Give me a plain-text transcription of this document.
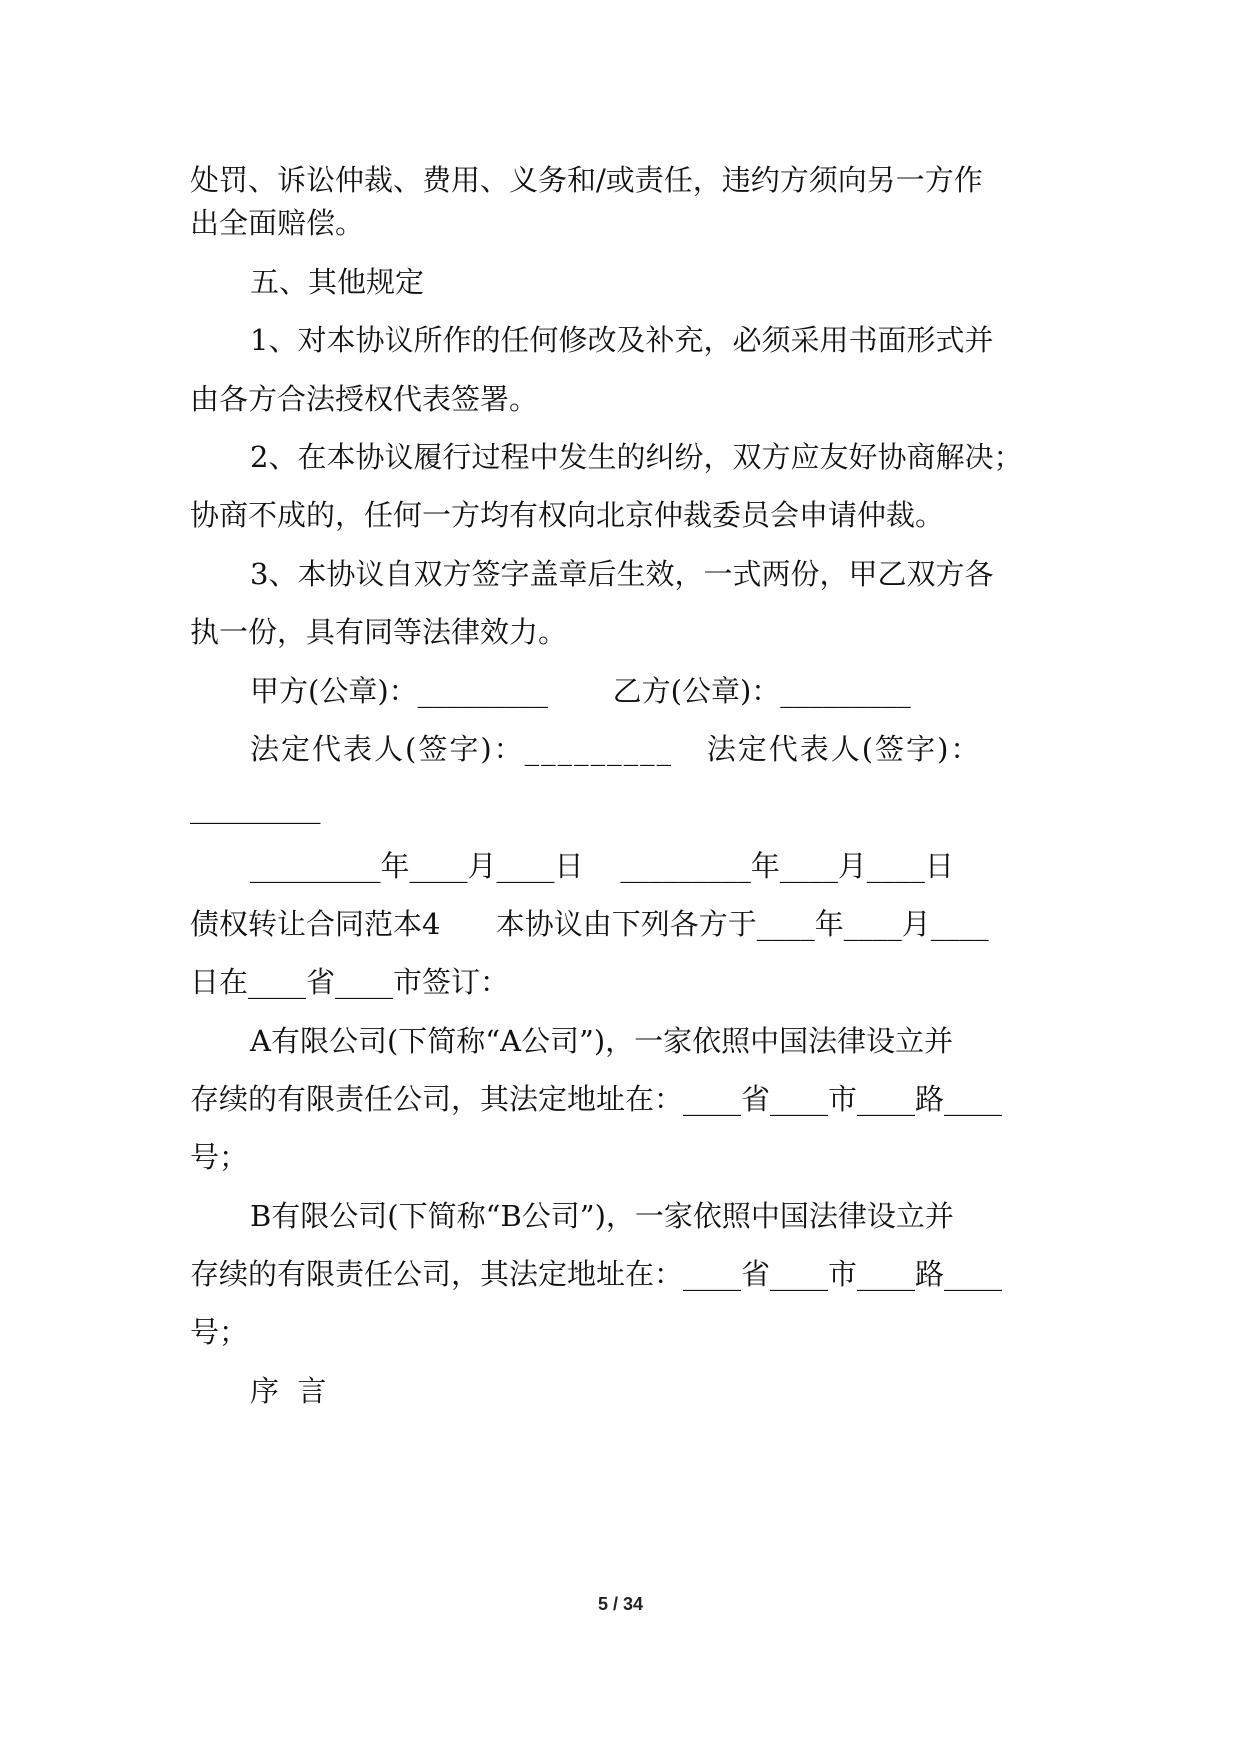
处罚、诉讼仲裁、费用、义务和/或责任，违约方须向另一方作
出全面赔偿。
五、其他规定
1、对本协议所作的任何修改及补充，必须采用书面形式并
由各方合法授权代表签署。
2、在本协议履行过程中发生的纠纷，双方应友好协商解决；
协商不成的，任何一方均有权向北京仲裁委员会申请仲裁。
3、本协议自双方签字盖章后生效，一式两份，甲乙双方各
执一份，具有同等法律效力。
甲方(公章)：_________       乙方(公章)：_________
法定代表人(签字)：_________   法定代表人(签字)：
_________
_________年____月____日    _________年____月____日
债权转让合同范本4      本协议由下列各方于____年____月____
日在____省____市签订：
A有限公司(下简称“A公司”)，一家依照中国法律设立并
存续的有限责任公司，其法定地址在：____省____市____路____
号；
B有限公司(下简称“B公司”)，一家依照中国法律设立并
存续的有限责任公司，其法定地址在：____省____市____路____
号；
序  言
5 / 34
